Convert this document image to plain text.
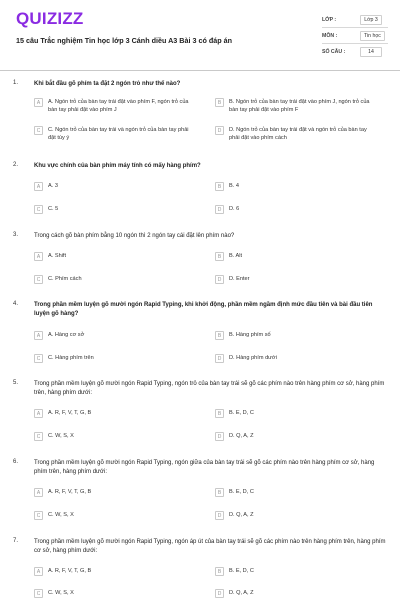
QUIZIZZ
15 câu Trắc nghiệm Tin học lớp 3 Cánh diều A3 Bài 3 có đáp án
LỚP :	Lớp 3
MÔN :	Tin học
SỐ CÂU :	14
1.	Khi bắt đầu gõ phím ta đặt 2 ngón trỏ như thế nào?
A	A. Ngón trỏ của bàn tay trái đặt vào phím F, ngón trỏ của bàn tay phải đặt vào phím J
B	B. Ngón trỏ của bàn tay trái đặt vào phím J, ngón trỏ của bàn tay phải đặt vào phím F
C	C. Ngón trỏ của bàn tay trái và ngón trỏ của bàn tay phải đặt tùy ý
D	D. Ngón trỏ của bàn tay trái đặt và ngón trỏ của bàn tay phải đặt vào phím cách
2.	Khu vực chính của bàn phím máy tính có mấy hàng phím?
A	A. 3	B	B. 4
C	C. 5	D	D. 6
3.	Trong cách gõ bàn phím bằng 10 ngón thì 2 ngón tay cái đặt lên phím nào?
A	A. Shift	B	B. Alt
C	C. Phím cách	D	D. Enter
4.	Trong phần mềm luyện gõ mười ngón Rapid Typing, khi khởi động, phần mềm ngầm định mức đầu tiên và bài đầu tiên luyện gõ hàng?
A	A. Hàng cơ sở	B	B. Hàng phím số
C	C. Hàng phím trên	D	D. Hàng phím dưới
5.	Trong phần mềm luyện gõ mười ngón Rapid Typing, ngón trỏ của bàn tay trái sẽ gõ các phím nào trên hàng phím cơ sở, hàng phím trên, hàng phím dưới:
A	A. R, F, V, T, G, B	B	B. E, D, C
C	C. W, S, X	D	D. Q, A, Z
6.	Trong phần mềm luyện gõ mười ngón Rapid Typing, ngón giữa của bàn tay trái sẽ gõ các phím nào trên hàng phím cơ sở, hàng phím trên, hàng phím dưới:
A	A. R, F, V, T, G, B	B	B. E, D, C
C	C. W, S, X	D	D. Q, A, Z
7.	Trong phần mềm luyện gõ mười ngón Rapid Typing, ngón áp út của bàn tay trái sẽ gõ các phím nào trên hàng phím trên, hàng phím cơ sở, hàng phím dưới:
A	A. R, F, V, T, G, B	B	B. E, D, C
C	C. W, S, X	D	D. Q, A, Z
